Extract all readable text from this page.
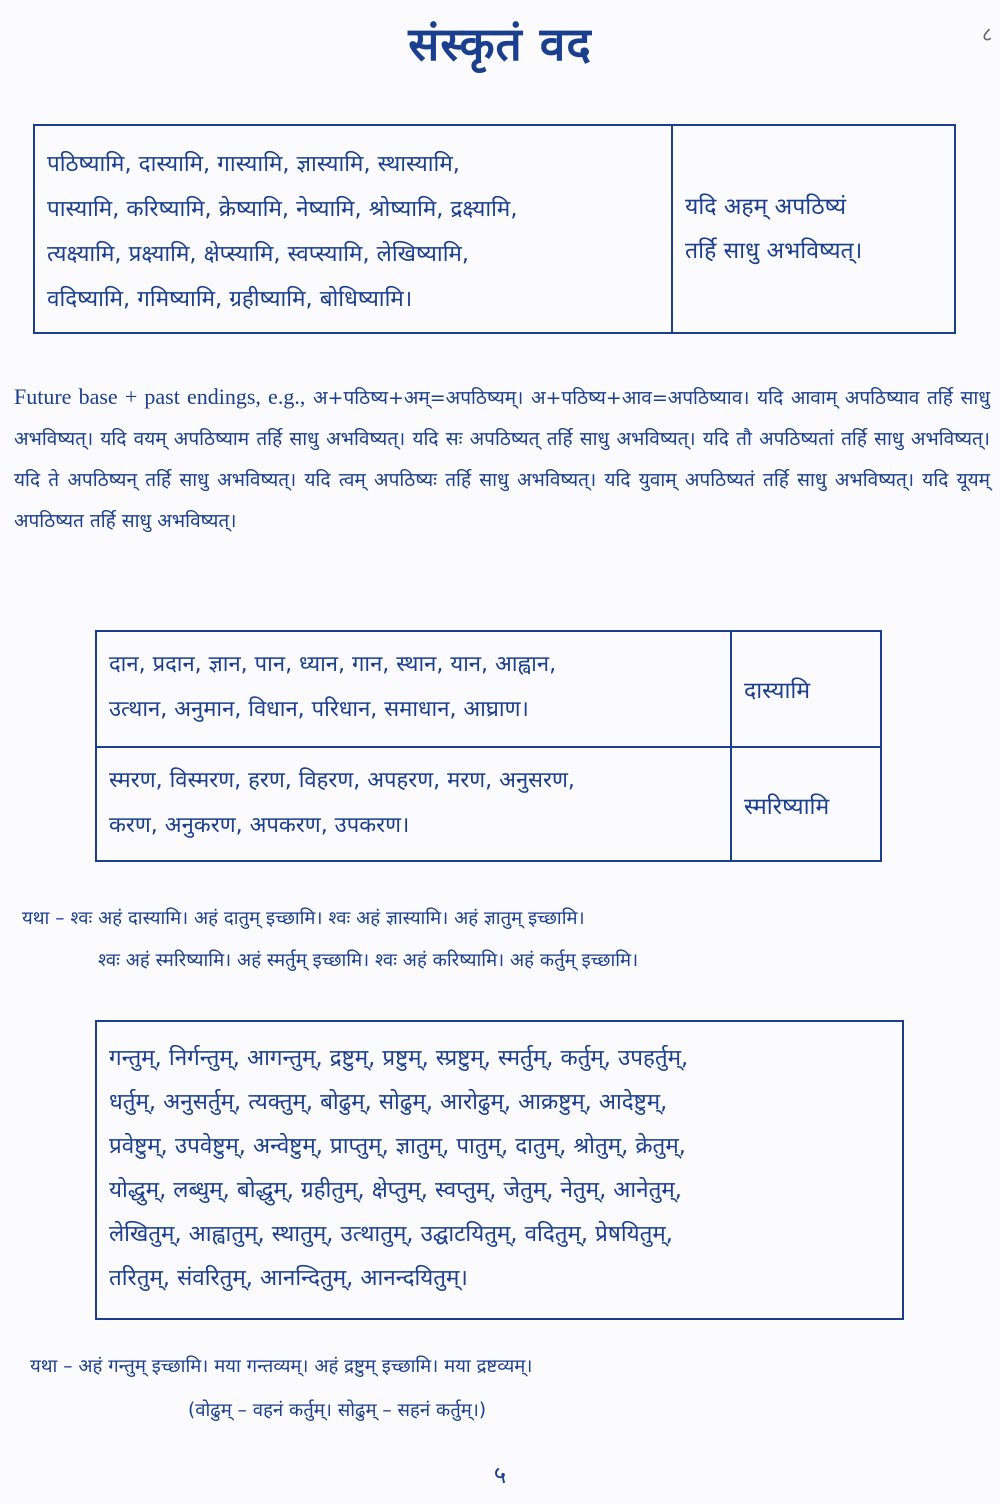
संस्कृतं वद	८
पठिष्यामि, दास्यामि, गास्यामि, ज्ञास्यामि, स्थास्यामि,
पास्यामि, करिष्यामि, क्रेष्यामि, नेष्यामि, श्रोष्यामि, द्रक्ष्यामि,
त्यक्ष्यामि, प्रक्ष्यामि, क्षेप्स्यामि, स्वप्स्यामि, लेखिष्यामि,
वदिष्यामि, गमिष्यामि, ग्रहीष्यामि, बोधिष्यामि।
यदि अहम् अपठिष्यं
तर्हि साधु अभविष्यत्।
Future base + past endings, e.g., अ+पठिष्य+अम्=अपठिष्यम्। अ+पठिष्य+आव=अपठिष्याव। यदि आवाम् अपठिष्याव तर्हि साधु अभविष्यत्। यदि वयम् अपठिष्याम तर्हि साधु अभविष्यत्। यदि सः अपठिष्यत् तर्हि साधु अभविष्यत्। यदि तौ अपठिष्यतां तर्हि साधु अभविष्यत्। यदि ते अपठिष्यन् तर्हि साधु अभविष्यत्। यदि त्वम् अपठिष्यः तर्हि साधु अभविष्यत्। यदि युवाम् अपठिष्यतं तर्हि साधु अभविष्यत्। यदि यूयम् अपठिष्यत तर्हि साधु अभविष्यत्।
दान, प्रदान, ज्ञान, पान, ध्यान, गान, स्थान, यान, आह्वान,
उत्थान, अनुमान, विधान, परिधान, समाधान, आघ्राण।
दास्यामि
स्मरण, विस्मरण, हरण, विहरण, अपहरण, मरण, अनुसरण,
करण, अनुकरण, अपकरण, उपकरण।
स्मरिष्यामि
यथा – श्वः अहं दास्यामि। अहं दातुम् इच्छामि। श्वः अहं ज्ञास्यामि। अहं ज्ञातुम् इच्छामि।
श्वः अहं स्मरिष्यामि। अहं स्मर्तुम् इच्छामि। श्वः अहं करिष्यामि। अहं कर्तुम् इच्छामि।
गन्तुम्, निर्गन्तुम्, आगन्तुम्, द्रष्टुम्, प्रष्टुम्, स्प्रष्टुम्, स्मर्तुम्, कर्तुम्, उपहर्तुम्,
धर्तुम्, अनुसर्तुम्, त्यक्तुम्, बोढुम्, सोढुम्, आरोढुम्, आक्रष्टुम्, आदेष्टुम्,
प्रवेष्टुम्, उपवेष्टुम्, अन्वेष्टुम्, प्राप्तुम्, ज्ञातुम्, पातुम्, दातुम्, श्रोतुम्, क्रेतुम्,
योद्धुम्, लब्धुम्, बोद्धुम्, ग्रहीतुम्, क्षेप्तुम्, स्वप्तुम्, जेतुम्, नेतुम्, आनेतुम्,
लेखितुम्, आह्वातुम्, स्थातुम्, उत्थातुम्, उद्घाटयितुम्, वदितुम्, प्रेषयितुम्,
तरितुम्, संवरितुम्, आनन्दितुम्, आनन्दयितुम्।
यथा – अहं गन्तुम् इच्छामि। मया गन्तव्यम्। अहं द्रष्टुम् इच्छामि। मया द्रष्टव्यम्।
(वोढुम् – वहनं कर्तुम्। सोढुम् – सहनं कर्तुम्।)
५
